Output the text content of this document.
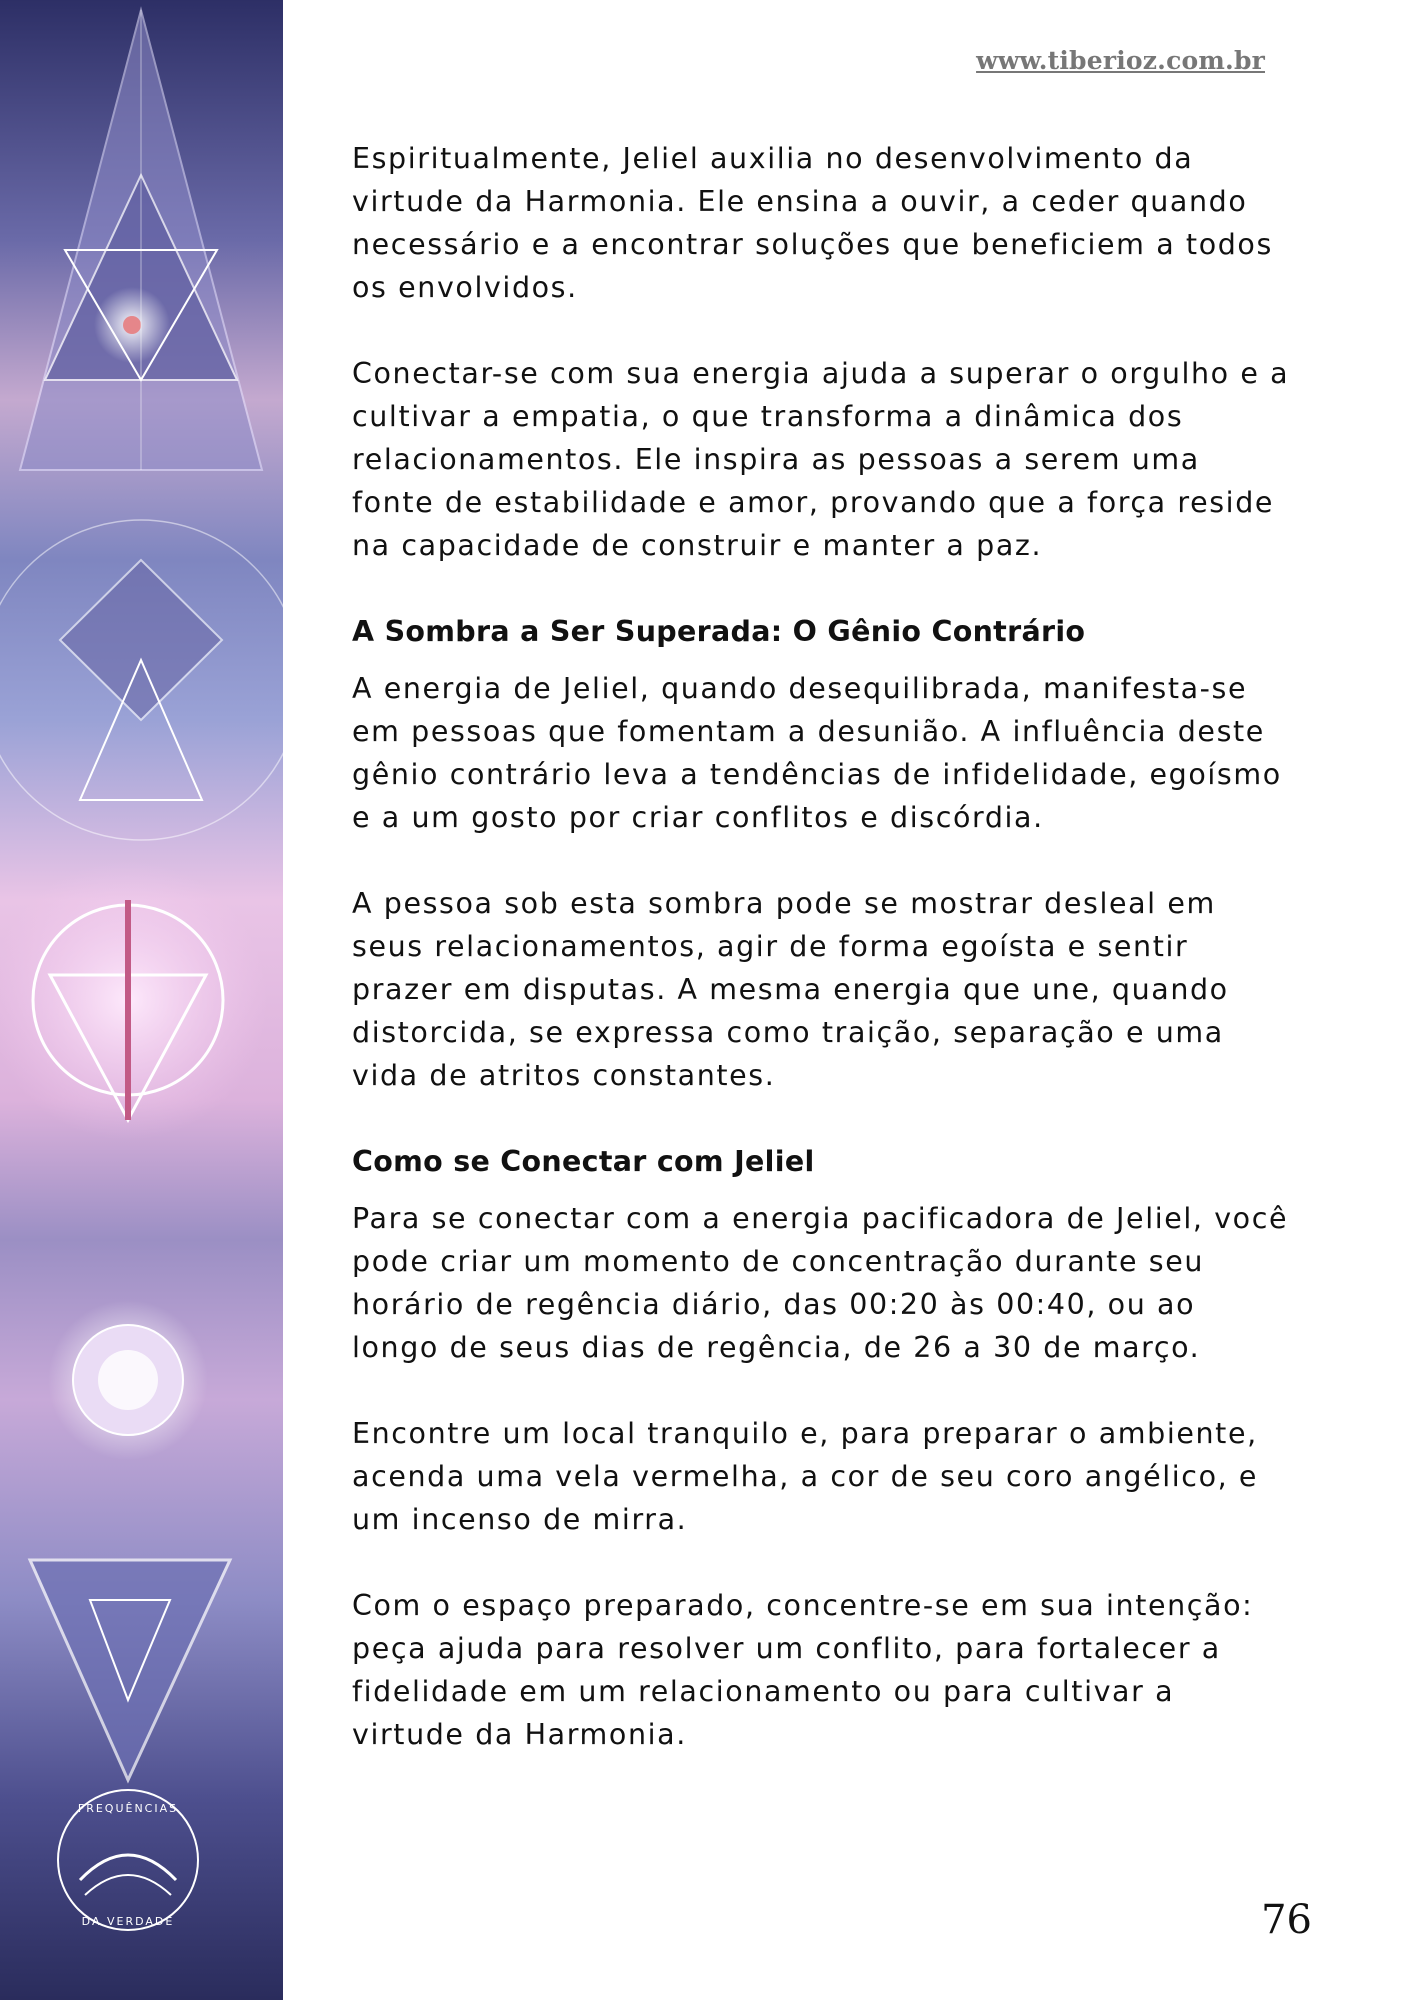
FREQUÊNCIAS
DA VERDADE
www.tiberioz.com.br

Espiritualmente, Jeliel auxilia no desenvolvimento da virtude da Harmonia. Ele ensina a ouvir, a ceder quando necessário e a encontrar soluções que beneficiem a todos os envolvidos.

Conectar-se com sua energia ajuda a superar o orgulho e a cultivar a empatia, o que transforma a dinâmica dos relacionamentos. Ele inspira as pessoas a serem uma fonte de estabilidade e amor, provando que a força reside na capacidade de construir e manter a paz.

A Sombra a Ser Superada: O Gênio Contrário

A energia de Jeliel, quando desequilibrada, manifesta-se em pessoas que fomentam a desunião. A influência deste gênio contrário leva a tendências de infidelidade, egoísmo e a um gosto por criar conflitos e discórdia.

A pessoa sob esta sombra pode se mostrar desleal em seus relacionamentos, agir de forma egoísta e sentir prazer em disputas. A mesma energia que une, quando distorcida, se expressa como traição, separação e uma vida de atritos constantes.

Como se Conectar com Jeliel

Para se conectar com a energia pacificadora de Jeliel, você pode criar um momento de concentração durante seu horário de regência diário, das 00:20 às 00:40, ou ao longo de seus dias de regência, de 26 a 30 de março.

Encontre um local tranquilo e, para preparar o ambiente, acenda uma vela vermelha, a cor de seu coro angélico, e um incenso de mirra.

Com o espaço preparado, concentre-se em sua intenção: peça ajuda para resolver um conflito, para fortalecer a fidelidade em um relacionamento ou para cultivar a virtude da Harmonia.

76
